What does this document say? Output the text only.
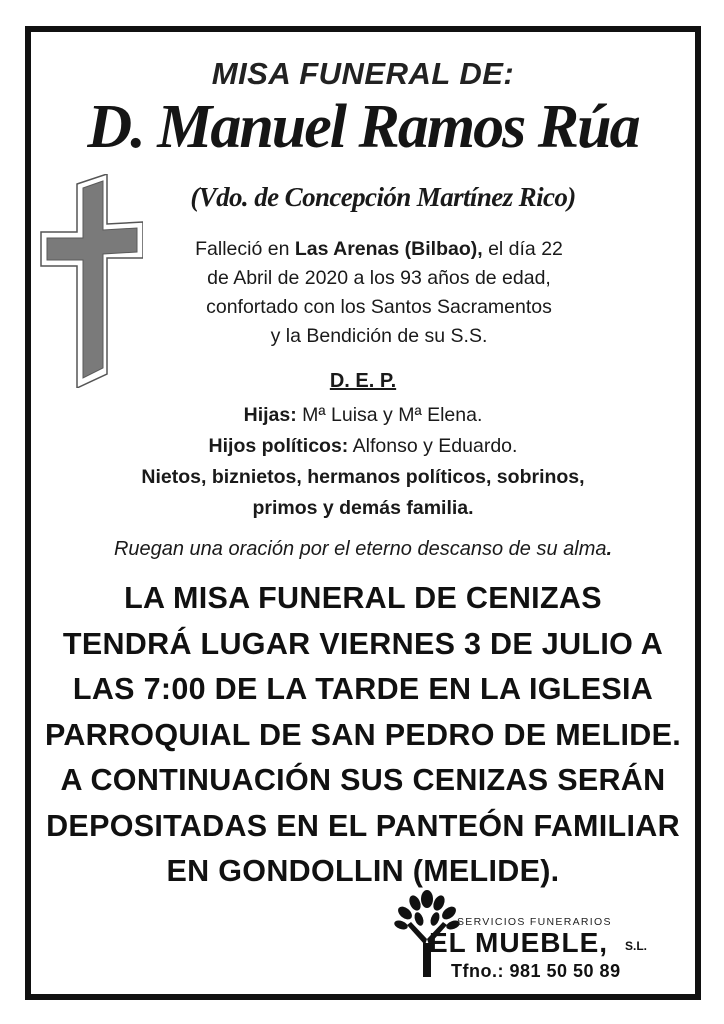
MISA FUNERAL DE:
D. Manuel Ramos Rúa
(Vdo. de Concepción Martínez Rico)
Falleció en Las Arenas (Bilbao), el día 22
de Abril de 2020 a los 93 años de edad,
confortado con los Santos Sacramentos
y la Bendición de su S.S.
D. E. P.
Hijas: Mª Luisa y Mª Elena.
Hijos políticos: Alfonso y Eduardo.
Nietos, biznietos, hermanos políticos, sobrinos,
primos y demás familia.
Ruegan una oración por el eterno descanso de su alma.
LA MISA FUNERAL DE CENIZAS
TENDRÁ LUGAR VIERNES 3 DE JULIO A
LAS 7:00 DE LA TARDE EN LA IGLESIA
PARROQUIAL DE SAN PEDRO DE MELIDE.
A CONTINUACIÓN SUS CENIZAS SERÁN
DEPOSITADAS EN EL PANTEÓN FAMILIAR
EN GONDOLLIN (MELIDE).
SERVICIOS FUNERARIOS
EL MUEBLE, S.L.
Tfno.: 981 50 50 89
